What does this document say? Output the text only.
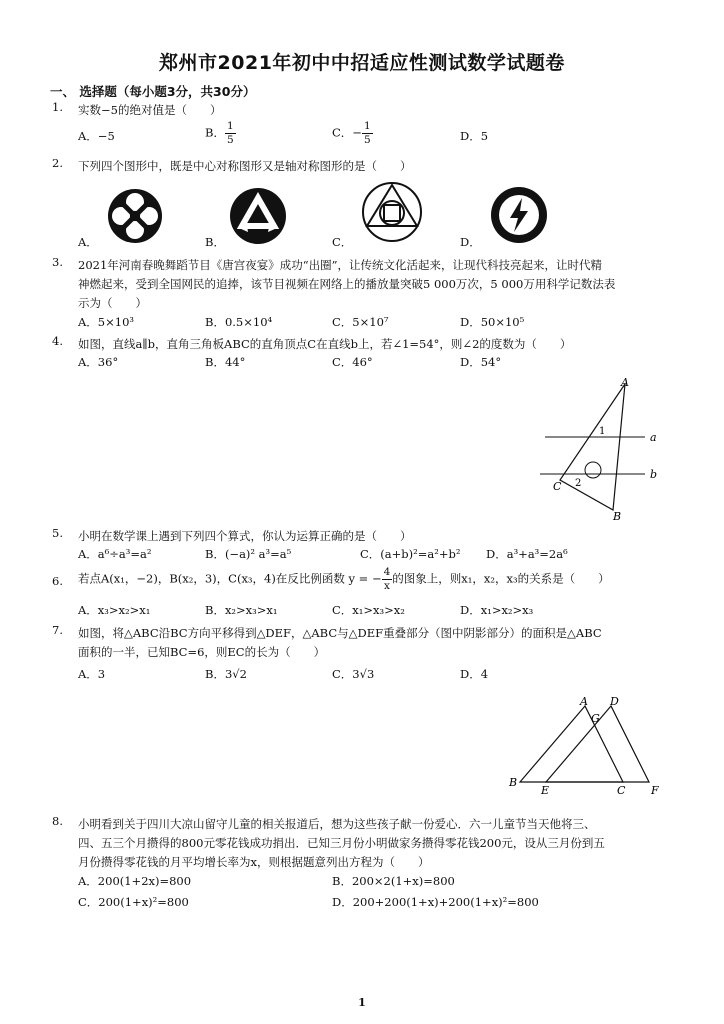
郑州市2021年初中中招适应性测试数学试题卷
一、 选择题（每小题3分，共30分）
1. 实数−5的绝对值是（　　）
A．−5	B． $\frac{1}{5}$	C．− $\frac{1}{5}$	D．5
2. 下列四个图形中，既是中心对称图形又是轴对称图形的是（　　）
A．	B．	C．	D．
3. 2021年河南春晚舞蹈节目《唐宫夜宴》成功“出圈”，让传统文化活起来，让现代科技亮起来，让时代精
神燃起来，受到全国网民的追捧，该节目视频在网络上的播放量突破5 000万次，5 000万用科学记数法表
示为（　　）
A．5×10³	B．0.5×10⁴	C．5×10⁷	D．50×10⁵
4. 如图，直线a∥b，直角三角板ABC的直角顶点C在直线b上，若∠1=54°，则∠2的度数为（　　）
A．36°	B．44°	C．46°	D．54°
A
a
1
b
C 2
B
5. 小明在数学课上遇到下列四个算式，你认为运算正确的是（　　）
A．a⁶÷a³=a²	B．(−a)² a³=a⁵	C．(a+b)²=a²+b² D．a³+a³=2a⁶
6. 若点A(x₁，−2)，B(x₂，3)，C(x₃，4)在反比例函数 y = − $\frac{4}{x}$ 的图象上，则x₁，x₂，x₃的关系是（　　）
A．x₃>x₂>x₁	B．x₂>x₃>x₁	C．x₁>x₃>x₂	D．x₁>x₂>x₃
7. 如图，将△ABC沿BC方向平移得到△DEF，△ABC与△DEF重叠部分（图中阴影部分）的面积是△ABC
面积的一半，已知BC=6，则EC的长为（　　）
A．3	B．3√2	C．3√3	D．4
A D
G
B
E	C F
8. 小明看到关于四川大凉山留守儿童的相关报道后，想为这些孩子献一份爱心．六一儿童节当天他将三、
四、五三个月攒得的800元零花钱成功捐出．已知三月份小明做家务攒得零花钱200元，设从三月份到五
月份攒得零花钱的月平均增长率为x，则根据题意列出方程为（　　）
A．200(1+2x)=800	B．200×2(1+x)=800
C．200(1+x)²=800	D．200+200(1+x)+200(1+x)²=800
1
